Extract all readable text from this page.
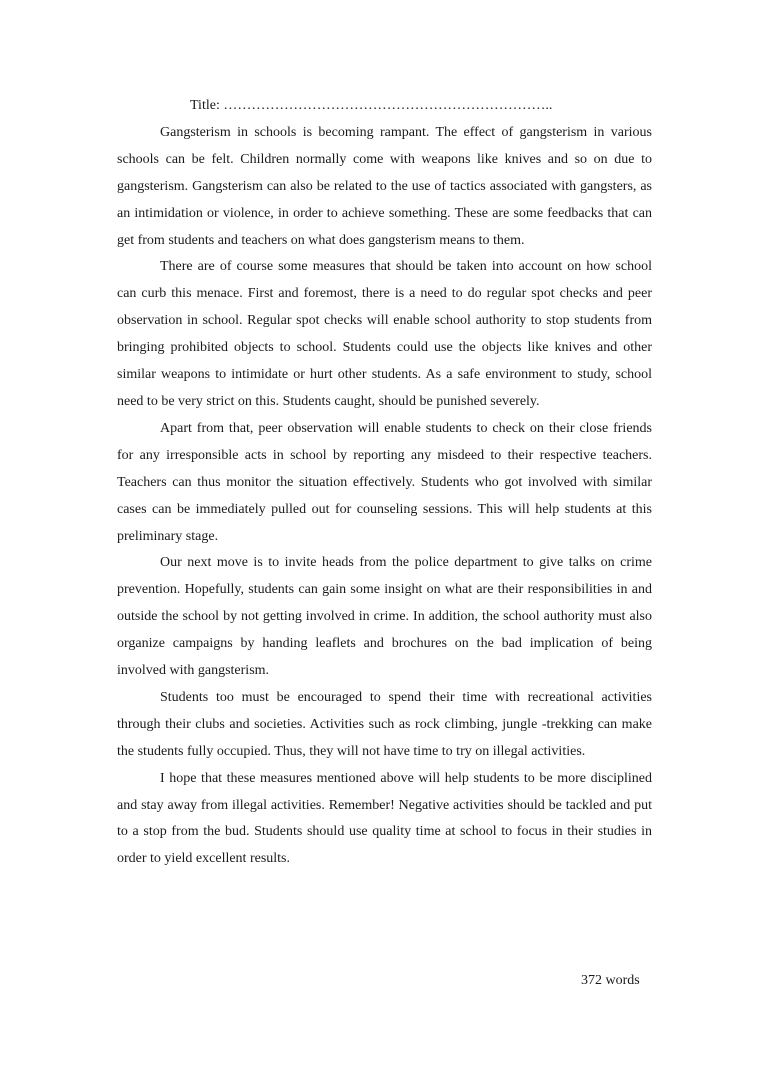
Title: ……………………………………………………………..

Gangsterism in schools is becoming rampant. The effect of gangsterism in various schools can be felt. Children normally come with weapons like knives and so on due to gangsterism. Gangsterism can also be related to the use of tactics associated with gangsters, as an intimidation or violence, in order to achieve something. These are some feedbacks that can get from students and teachers on what does gangsterism means to them.

There are of course some measures that should be taken into account on how school can curb this menace. First and foremost, there is a need to do regular spot checks and peer observation in school. Regular spot checks will enable school authority to stop students from bringing prohibited objects to school. Students could use the objects like knives and other similar weapons to intimidate or hurt other students. As a safe environment to study, school need to be very strict on this. Students caught, should be punished severely.

Apart from that, peer observation will enable students to check on their close friends for any irresponsible acts in school by reporting any misdeed to their respective teachers. Teachers can thus monitor the situation effectively. Students who got involved with similar cases can be immediately pulled out for counseling sessions. This will help students at this preliminary stage.

Our next move is to invite heads from the police department to give talks on crime prevention. Hopefully, students can gain some insight on what are their responsibilities in and outside the school by not getting involved in crime. In addition, the school authority must also organize campaigns by handing leaflets and brochures on the bad implication of being involved with gangsterism.

Students too must be encouraged to spend their time with recreational activities through their clubs and societies. Activities such as rock climbing, jungle -trekking can make the students fully occupied. Thus, they will not have time to try on illegal activities.

I hope that these measures mentioned above will help students to be more disciplined and stay away from illegal activities. Remember! Negative activities should be tackled and put to a stop from the bud. Students should use quality time at school to focus in their studies in order to yield excellent results.

372 words
